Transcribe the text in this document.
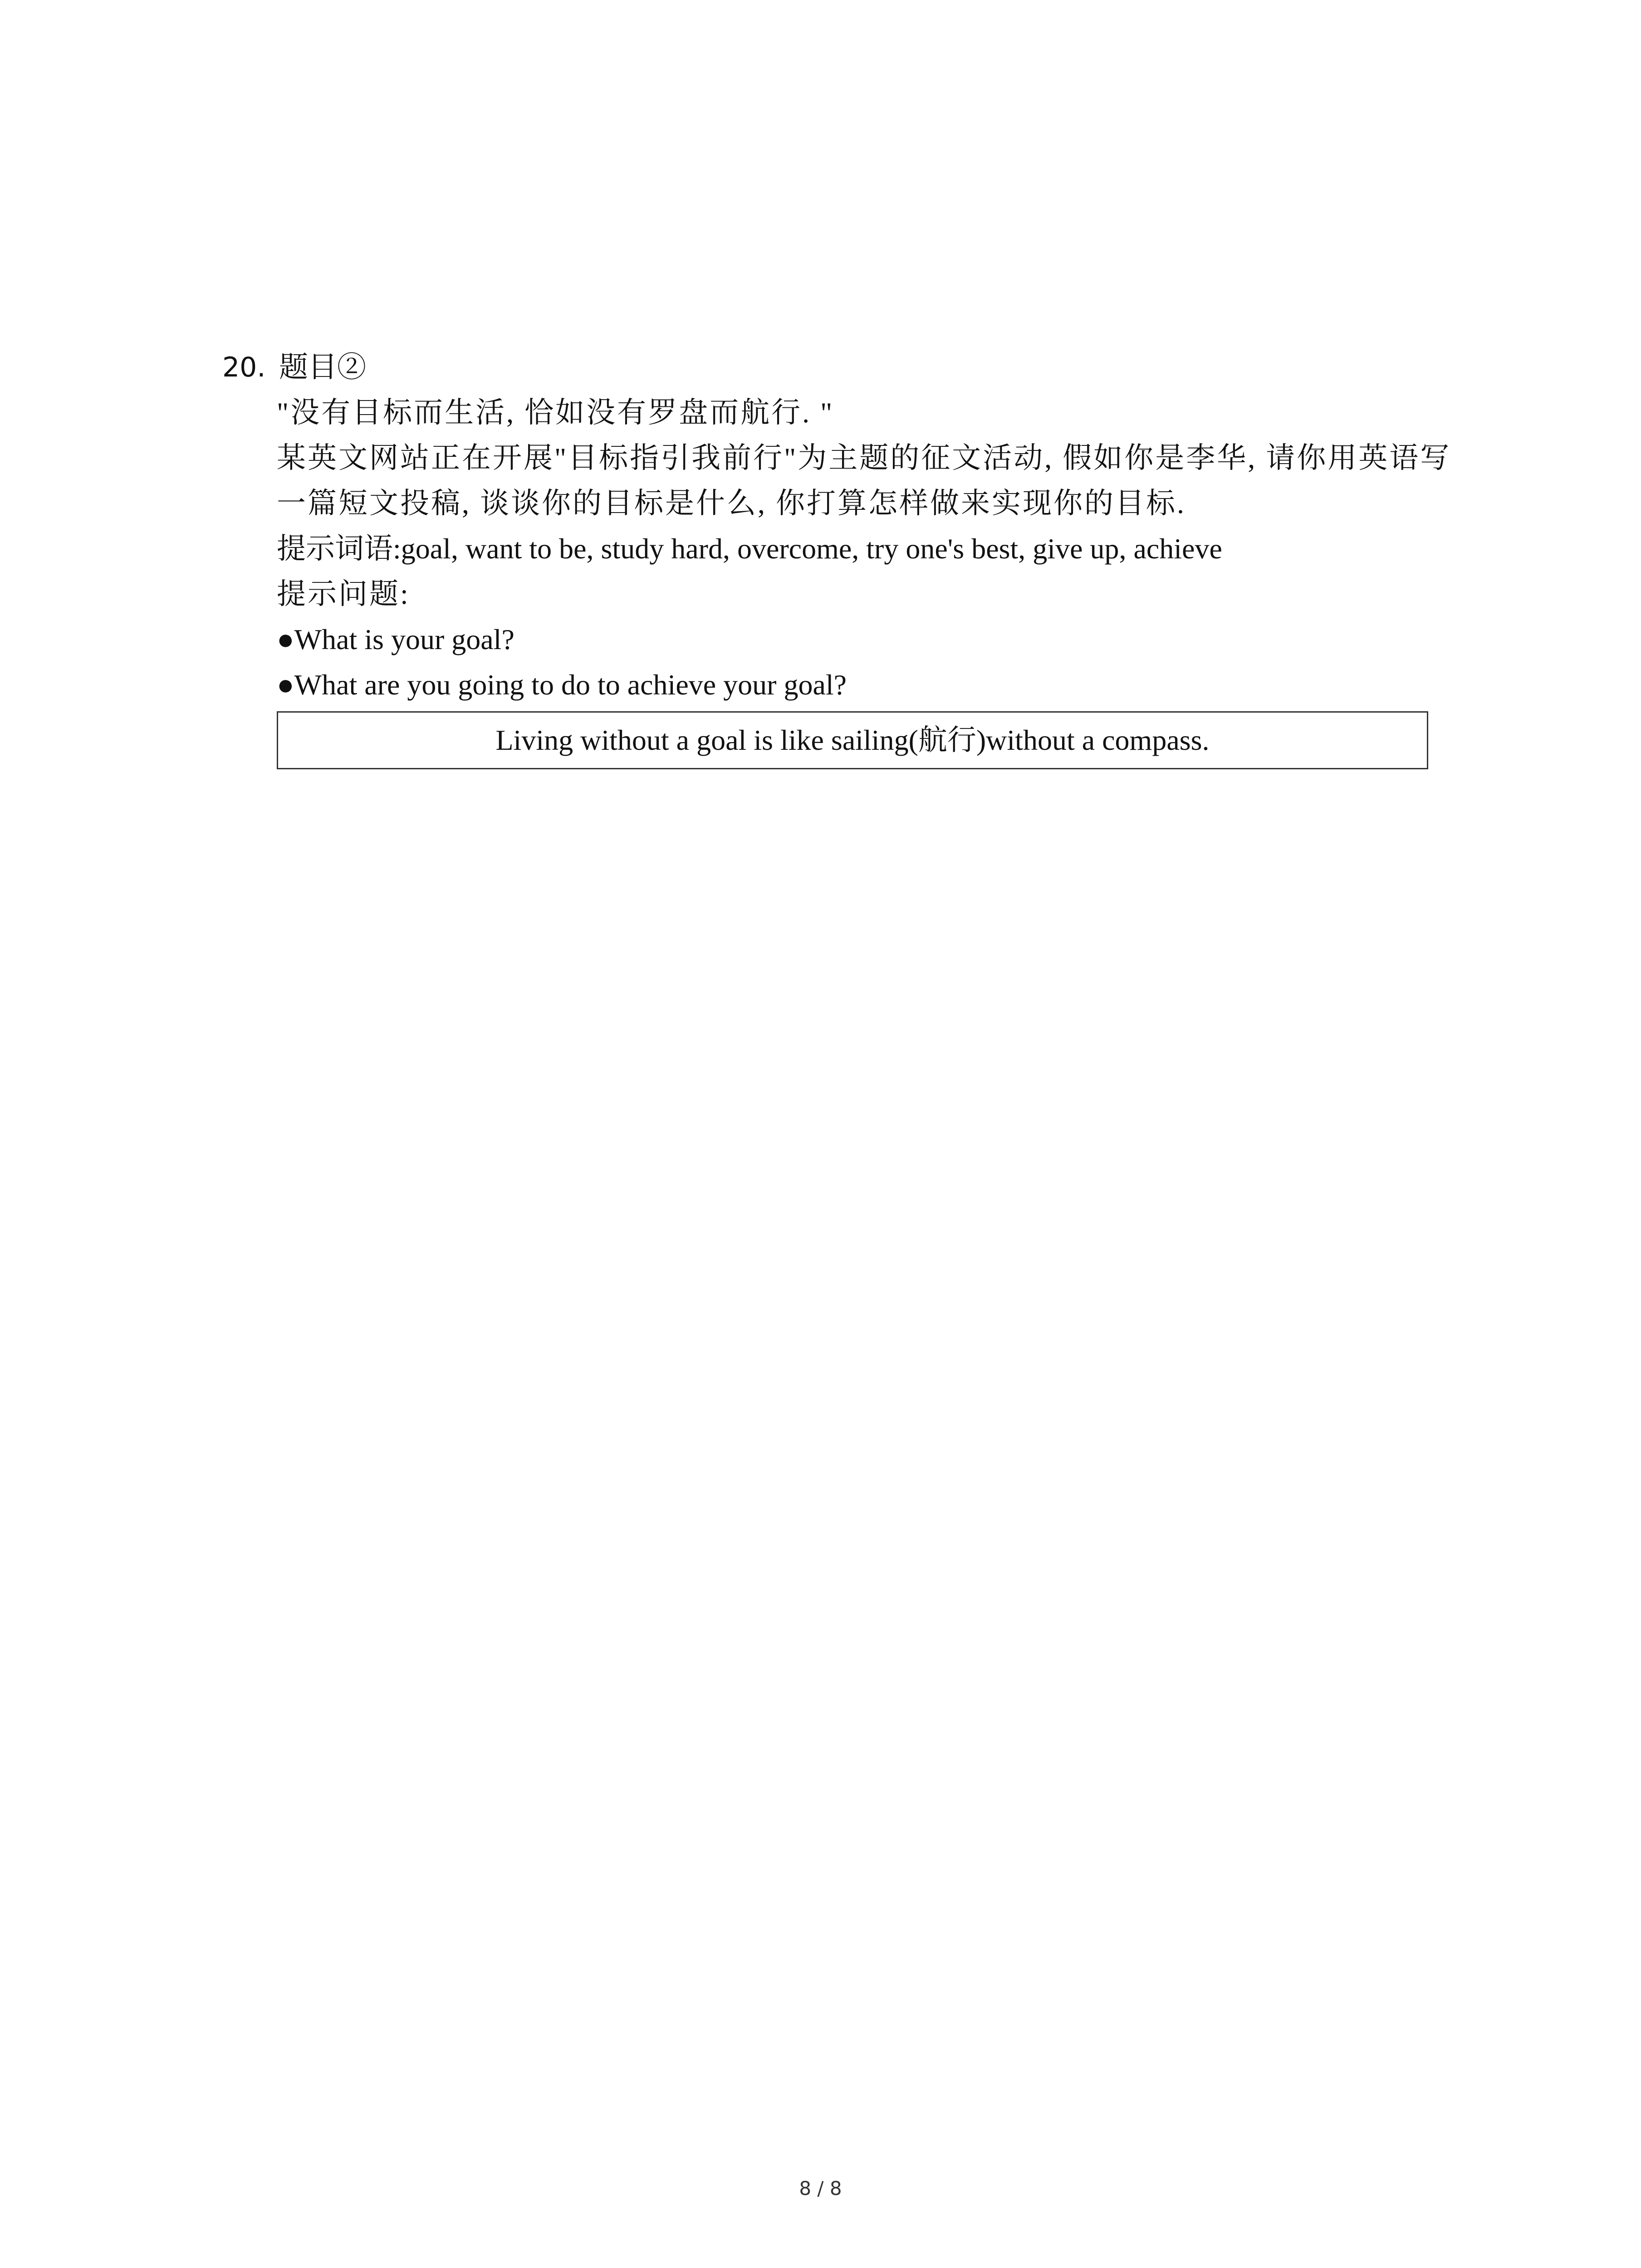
20. 题目②
"没有目标而生活, 恰如没有罗盘而航行. "
某英文网站正在开展"目标指引我前行"为主题的征文活动, 假如你是李华, 请你用英语写
一篇短文投稿, 谈谈你的目标是什么, 你打算怎样做来实现你的目标.
提示词语:goal, want to be, study hard, overcome, try one's best, give up, achieve
提示问题:
●What is your goal?
●What are you going to do to achieve your goal?
Living without a goal is like sailing(航行)without a compass.
8 / 8
